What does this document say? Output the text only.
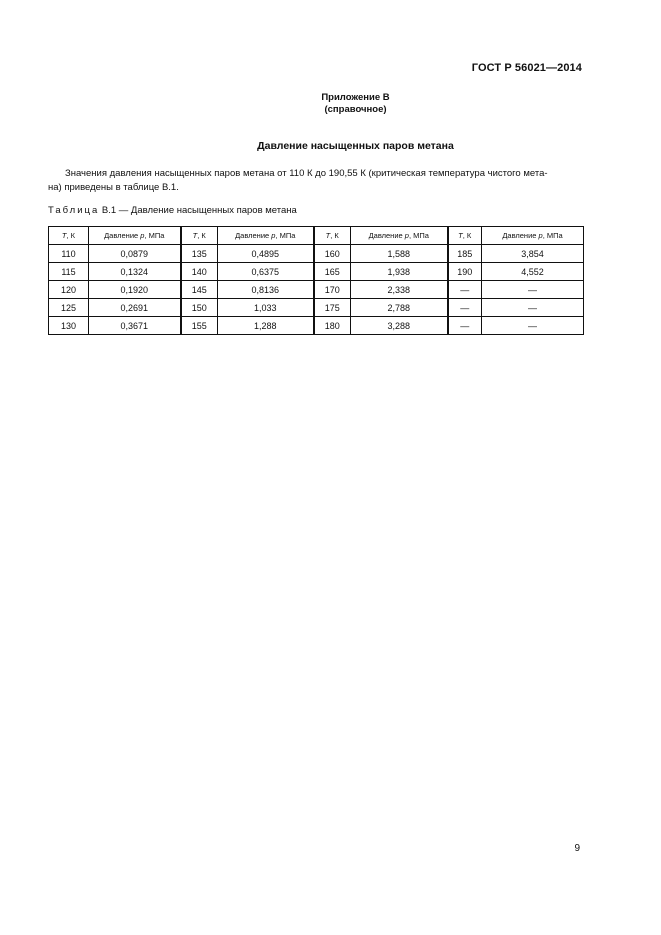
ГОСТ Р 56021—2014
Приложение В
(справочное)
Давление насыщенных паров метана
Значения давления насыщенных паров метана от 110 К до 190,55 К (критическая температура чистого мета-
на) приведены в таблице В.1.
Таблица В.1 — Давление насыщенных паров метана
T, К	Давление p, МПа	T, К	Давление p, МПа	T, К	Давление p, МПа	T, К	Давление p, МПа
110	0,0879	135	0,4895	160	1,588	185	3,854
115	0,1324	140	0,6375	165	1,938	190	4,552
120	0,1920	145	0,8136	170	2,338	—	—
125	0,2691	150	1,033	175	2,788	—	—
130	0,3671	155	1,288	180	3,288	—	—
9
